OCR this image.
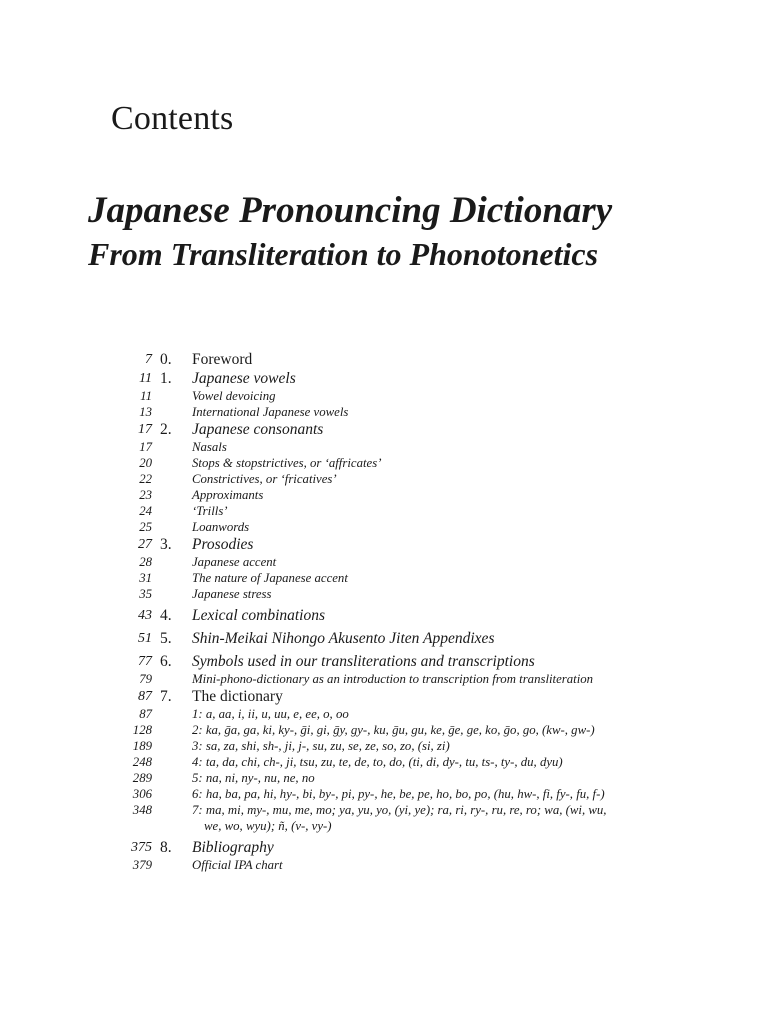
Contents
Japanese Pronouncing Dictionary
From Transliteration to Phonotonetics
7 0. Foreword
11 1. Japanese vowels
11	Vowel devoicing
13	International Japanese vowels
17 2. Japanese consonants
17	Nasals
20	Stops & stopstrictives, or ‘affricates’
22	Constrictives, or ‘fricatives’
23	Approximants
24	‘Trills’
25	Loanwords
27 3. Prosodies
28	Japanese accent
31	The nature of Japanese accent
35	Japanese stress
43 4. Lexical combinations
51 5. Shin-Meikai Nihongo Akusento Jiten Appendixes
77 6. Symbols used in our transliterations and transcriptions
79	Mini-phono-dictionary as an introduction to transcription from transliteration
87 7. The dictionary
87	1: a, aa, i, ii, u, uu, e, ee, o, oo
128	2: ka, ḡa, ga, ki, ky-, ḡi, gi, ḡy, gy-, ku, ḡu, gu, ke, ḡe, ge, ko, ḡo, go, (kw-, gw-)
189	3: sa, za, shi, sh-, ji, j-, su, zu, se, ze, so, zo, (si, zi)
248	4: ta, da, chi, ch-, ji, tsu, zu, te, de, to, do, (ti, di, dy-, tu, ts-, ty-, du, dyu)
289	5: na, ni, ny-, nu, ne, no
306	6: ha, ba, pa, hi, hy-, bi, by-, pi, py-, he, be, pe, ho, bo, po, (hu, hw-, fi, fy-, fu, f-)
348	7: ma, mi, my-, mu, me, mo; ya, yu, yo, (yi, ye); ra, ri, ry-, ru, re, ro; wa, (wi, wu,
we, wo, wyu); ñ, (v-, vy-)
375 8. Bibliography
379	Official IPA chart
